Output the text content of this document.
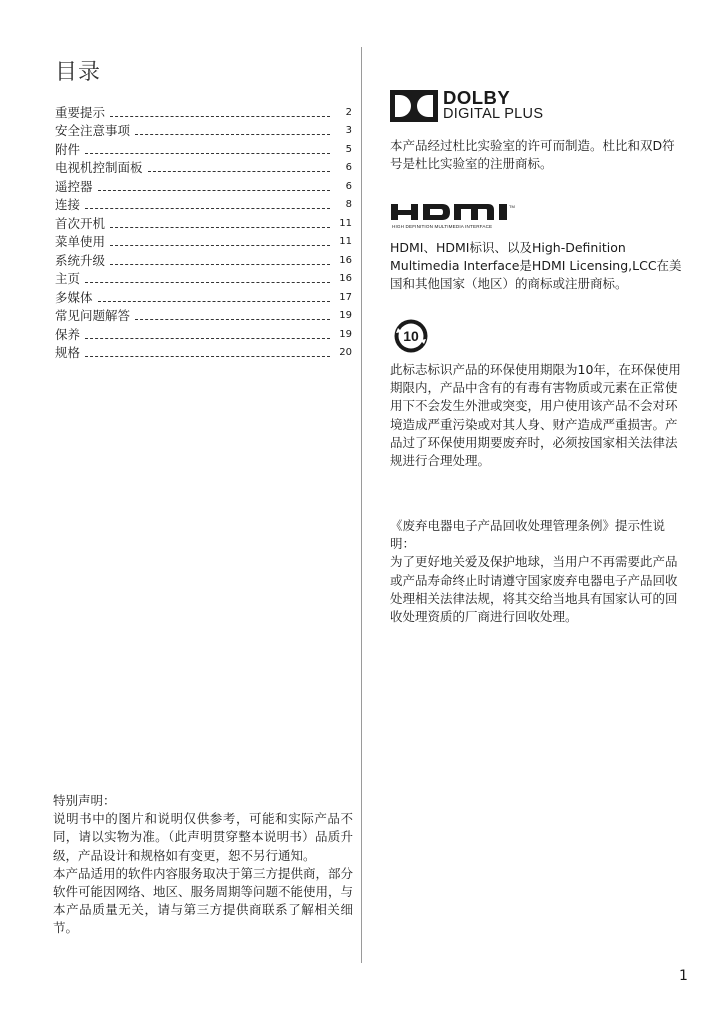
目录
重要提示	2
安全注意事项	3
附件	5
电视机控制面板	6
遥控器	6
连接	8
首次开机	11
菜单使用	11
系统升级	16
主页	16
多媒体	17
常见问题解答	19
保养	19
规格	20

特别声明：

说明书中的图片和说明仅供参考，可能和实际产品不同，请以实物为准。（此声明贯穿整本说明书）品质升级，产品设计和规格如有变更，恕不另行通知。

本产品适用的软件内容服务取决于第三方提供商，部分软件可能因网络、地区、服务周期等问题不能使用，与本产品质量无关，请与第三方提供商联系了解相关细节。

DOLBY
DIGITAL PLUS

本产品经过杜比实验室的许可而制造。杜比和双D符号是杜比实验室的注册商标。

TM
HIGH DEFINITION MULTIMEDIA INTERFACE

HDMI、HDMI标识、以及High-Definition Multimedia Interface是HDMI Licensing,LCC在美国和其他国家（地区）的商标或注册商标。

10

此标志标识产品的环保使用期限为10年，在环保使用期限内，产品中含有的有毒有害物质或元素在正常使用下不会发生外泄或突变，用户使用该产品不会对环境造成严重污染或对其人身、财产造成严重损害。产品过了环保使用期要废弃时，必须按国家相关法律法规进行合理处理。

《废弃电器电子产品回收处理管理条例》提示性说明：

为了更好地关爱及保护地球，当用户不再需要此产品或产品寿命终止时请遵守国家废弃电器电子产品回收处理相关法律法规，将其交给当地具有国家认可的回收处理资质的厂商进行回收处理。

1
